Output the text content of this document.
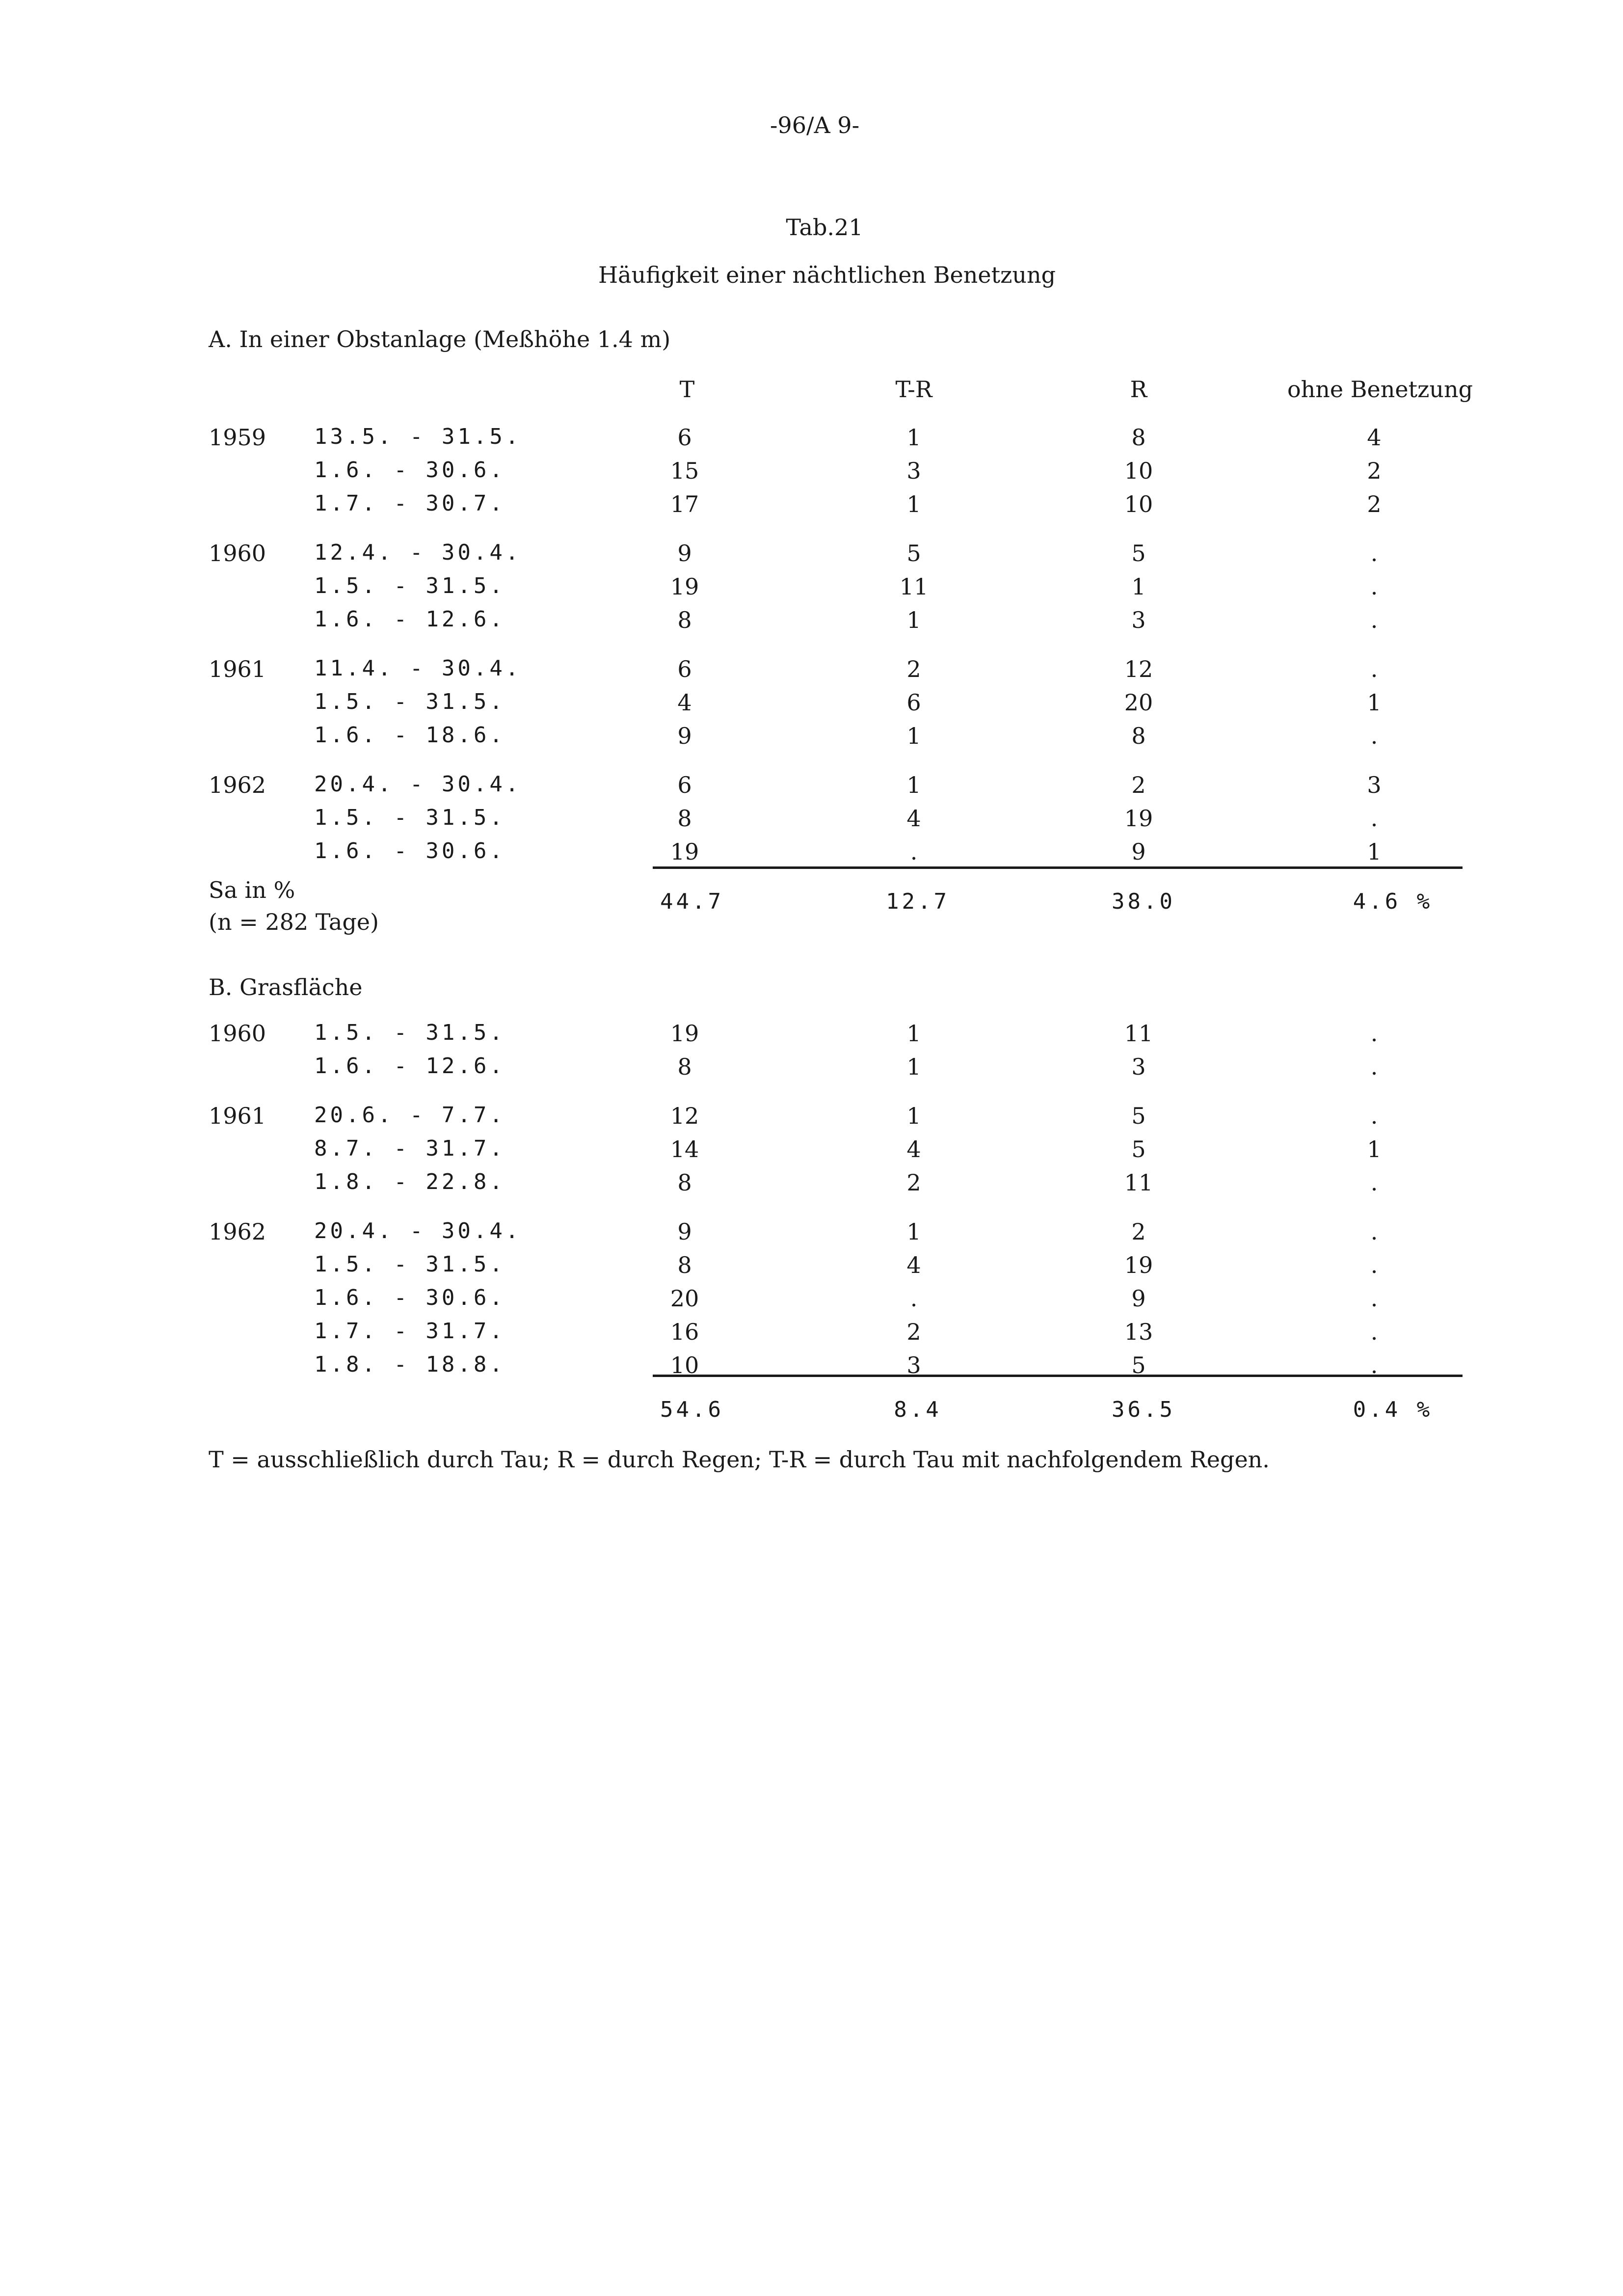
-96/A 9-
Tab.21
Häufigkeit einer nächtlichen Benetzung
A. In einer Obstanlage (Meßhöhe 1.4 m)
T	T-R	R	ohne Benetzung
1959 13.5. - 31.5.	6	1	8	4
1.6. - 30.6.	15	3	10	2
1.7. - 30.7.	17	1	10	2
1960 12.4. - 30.4.	9	5	5	.
1.5. - 31.5.	19	11	1	.
1.6. - 12.6.	8	1	3	.
1961 11.4. - 30.4.	6	2	12	.
1.5. - 31.5.	4	6	20	1
1.6. - 18.6.	9	1	8	.
1962 20.4. - 30.4.	6	1	2	3
1.5. - 31.5.	8	4	19	.
1.6. - 30.6.	19	.	9	1
Sa in %
(n = 282 Tage)
44.7	12.7	38.0	4.6 %
B. Grasfläche
1960 1.5. - 31.5.	19	1	11	.
1.6. - 12.6.	8	1	3	.
1961 20.6. - 7.7.	12	1	5	.
8.7. - 31.7.	14	4	5	1
1.8. - 22.8.	8	2	11	.
1962 20.4. - 30.4.	9	1	2	.
1.5. - 31.5.	8	4	19	.
1.6. - 30.6.	20	.	9	.
1.7. - 31.7.	16	2	13	.
1.8. - 18.8.	10	3	5	.
54.6	8.4	36.5	0.4 %
T = ausschließlich durch Tau; R = durch Regen; T-R = durch Tau mit nachfolgendem Regen.
